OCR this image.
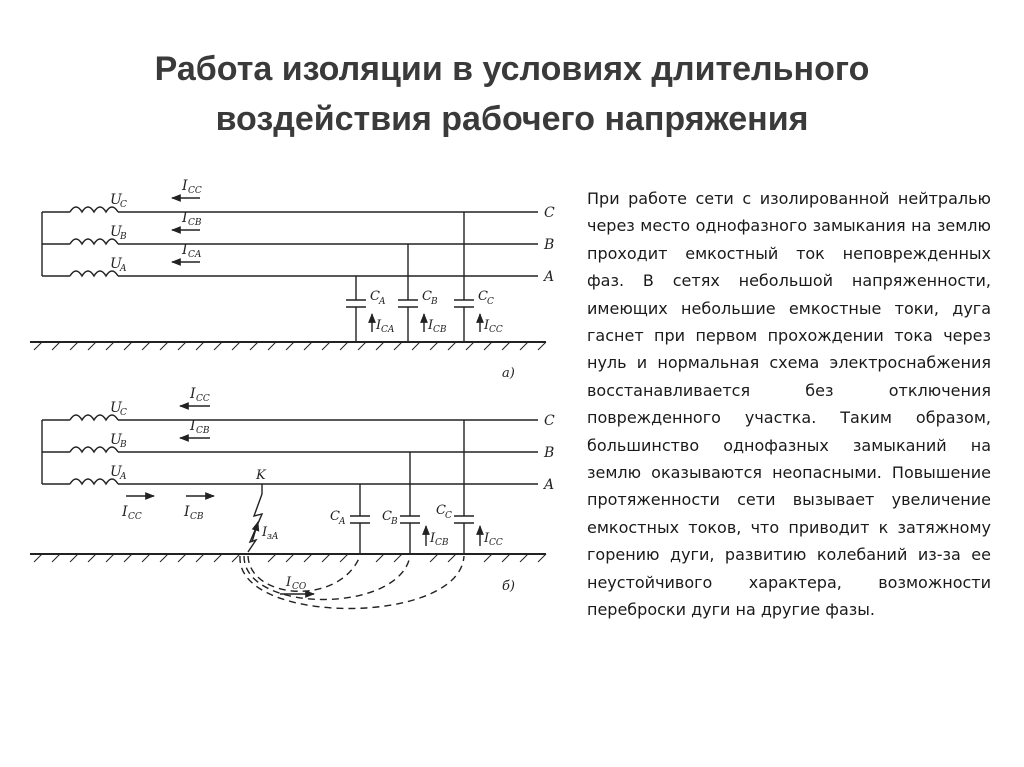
Работа изоляции в условиях длительного
воздействия рабочего напряжения
U
C
U
B
U
A
I CC
I CB
I CA
C
B
A
C A	C B	C C
I CA	I CB	I CC
а)
U
C
U
B
U
A
I CC
I CB
I CC	I CB
C
B
A
K
I зA
C A	C B
C C
I СВ	I СС
I CO	б)
При работе сети с изолированной нейтралью через место однофазного замыкания на землю проходит емкостный ток неповрежденных фаз. В сетях небольшой напряженности, имеющих небольшие емкостные токи, дуга гаснет при первом прохождении тока через нуль и нормальная схема электроснабжения восстанавливается без отключения поврежденного участка. Таким образом, большинство однофазных замыканий на землю оказываются неопасными. Повышение протяженности сети вызывает увеличение емкостных токов, что приводит к затяжному горению дуги, развитию колебаний из-за ее неустойчивого характера, возможности переброски дуги на другие фазы.
